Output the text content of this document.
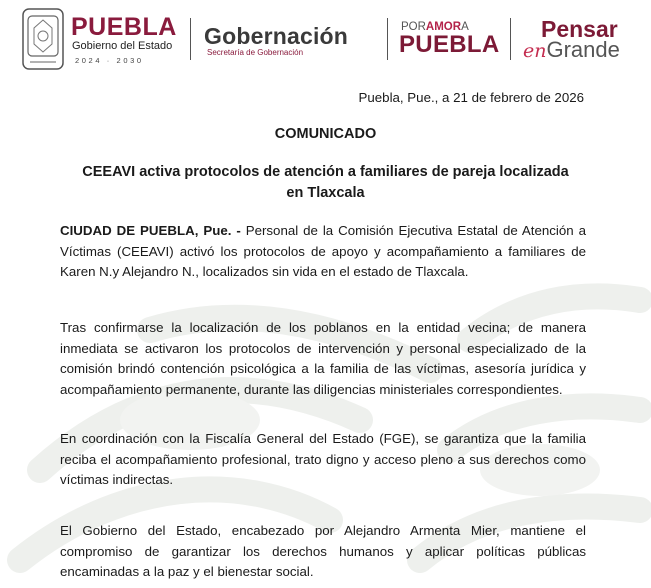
PUEBLA
Gobierno del Estado
2024 · 2030
Gobernación
Secretaría de Gobernación
PORAMORA
PUEBLA
Pensar
enGrande
Puebla, Pue., a 21 de febrero de 2026
COMUNICADO
CEEAVI activa protocolos de atención a familiares de pareja localizada en Tlaxcala
CIUDAD DE PUEBLA, Pue. - Personal de la Comisión Ejecutiva Estatal de Atención a Víctimas (CEEAVI) activó los protocolos de apoyo y acompañamiento a familiares de Karen N.y Alejandro N., localizados sin vida en el estado de Tlaxcala.
Tras confirmarse la localización de los poblanos en la entidad vecina; de manera inmediata se activaron los protocolos de intervención y personal especializado de la comisión brindó contención psicológica a la familia de las víctimas, asesoría jurídica y acompañamiento permanente, durante las diligencias ministeriales correspondientes.
En coordinación con la Fiscalía General del Estado (FGE), se garantiza que la familia reciba el acompañamiento profesional, trato digno y acceso pleno a sus derechos como víctimas indirectas.
El Gobierno del Estado, encabezado por Alejandro Armenta Mier, mantiene el compromiso de garantizar los derechos humanos y aplicar políticas públicas encaminadas a la paz y el bienestar social.
